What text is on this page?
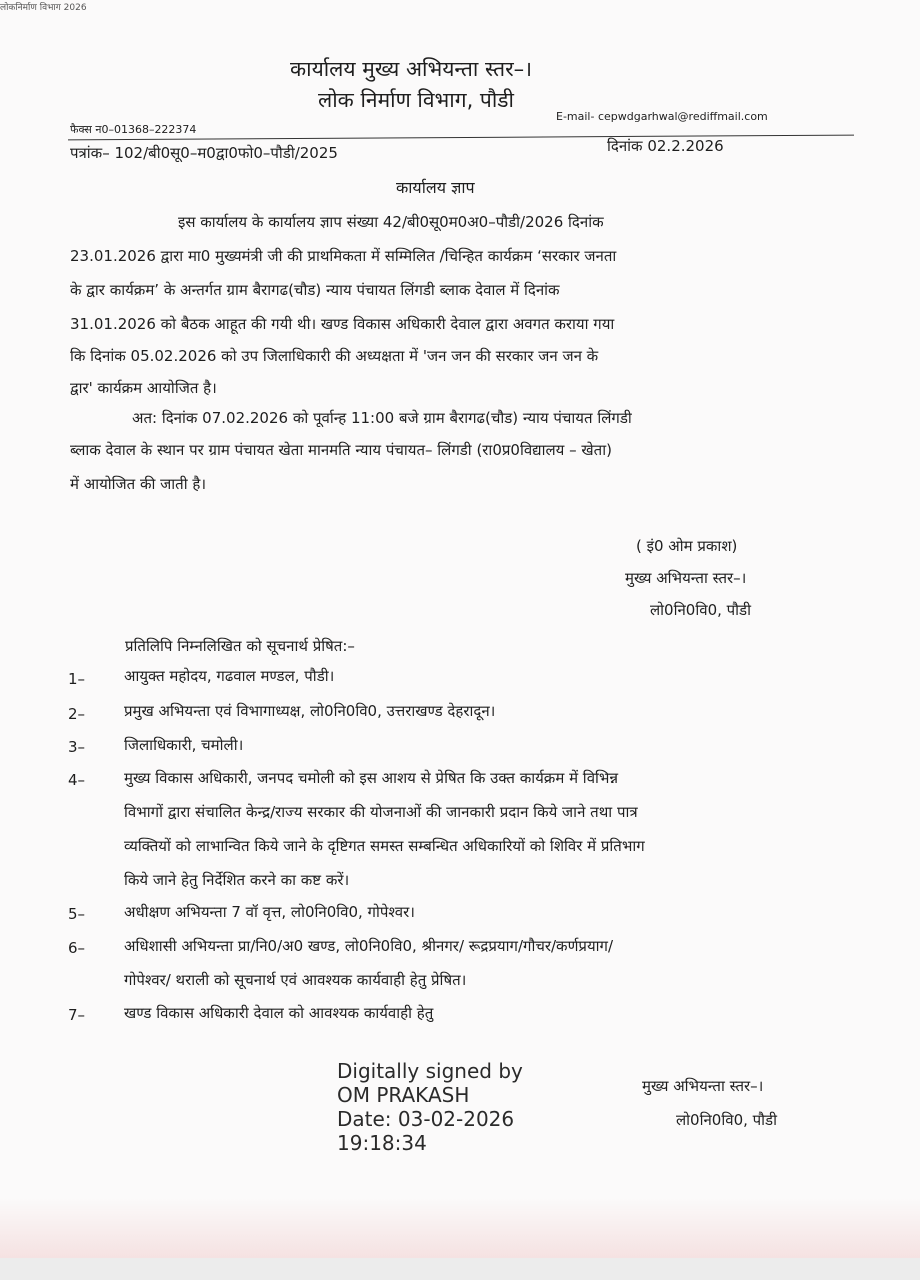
लोकनिर्माण विभाग 2026
कार्यालय मुख्य अभियन्ता स्तर–।
लोक निर्माण विभाग, पौडी
फैक्स न0–01368–222374
E-mail- cepwdgarhwal@rediffmail.com
पत्रांक– 102/बी0सू0–म0द्वा0फो0–पौडी/2025	दिनांक 02.2.2026
कार्यालय ज्ञाप
इस कार्यालय के कार्यालय ज्ञाप संख्या 42/बी0सू0म0अ0–पौडी/2026 दिनांक
23.01.2026 द्वारा मा0 मुख्यमंत्री जी की प्राथमिकता में सम्मिलित /चिन्हित कार्यक्रम ‘सरकार जनता
के द्वार कार्यक्रम’ के अन्तर्गत ग्राम बैरागढ(चौड) न्याय पंचायत लिंगडी ब्लाक देवाल में दिनांक
31.01.2026 को बैठक आहूत की गयी थी। खण्ड विकास अधिकारी देवाल द्वारा अवगत कराया गया
कि दिनांक 05.02.2026 को उप जिलाधिकारी की अध्यक्षता में 'जन जन की सरकार जन जन के
द्वार' कार्यक्रम आयोजित है।
अत: दिनांक 07.02.2026 को पूर्वान्ह 11:00 बजे ग्राम बैरागढ(चौड) न्याय पंचायत लिंगडी
ब्लाक देवाल के स्थान पर ग्राम पंचायत खेता मानमति न्याय पंचायत– लिंगडी (रा0प्र0विद्यालय – खेता)
में आयोजित की जाती है।
( इं0 ओम प्रकाश)
मुख्य अभियन्ता स्तर–।
लो0नि0वि0, पौडी
प्रतिलिपि निम्नलिखित को सूचनार्थ प्रेषित:–
1–	आयुक्त महोदय, गढवाल मण्डल, पौडी।
2–	प्रमुख अभियन्ता एवं विभागाध्यक्ष, लो0नि0वि0, उत्तराखण्ड देहरादून।
3–	जिलाधिकारी, चमोली।
4–	मुख्य विकास अधिकारी, जनपद चमोली को इस आशय से प्रेषित कि उक्त कार्यक्रम में विभिन्न
विभागों द्वारा संचालित केन्द्र/राज्य सरकार की योजनाओं की जानकारी प्रदान किये जाने तथा पात्र
व्यक्तियों को लाभान्वित किये जाने के दृष्टिगत समस्त सम्बन्धित अधिकारियों को शिविर में प्रतिभाग
किये जाने हेतु निर्देशित करने का कष्ट करें।
5–	अधीक्षण अभियन्ता 7 वॉ वृत्त, लो0नि0वि0, गोपेश्वर।
6–	अधिशासी अभियन्ता प्रा/नि0/अ0 खण्ड, लो0नि0वि0, श्रीनगर/ रूद्रप्रयाग/गौचर/कर्णप्रयाग/
गोपेश्वर/ थराली को सूचनार्थ एवं आवश्यक कार्यवाही हेतु प्रेषित।
7–	खण्ड विकास अधिकारी देवाल को आवश्यक कार्यवाही हेतु
Digitally signed by
OM PRAKASH
Date: 03-02-2026
19:18:34
मुख्य अभियन्ता स्तर–।
लो0नि0वि0, पौडी
